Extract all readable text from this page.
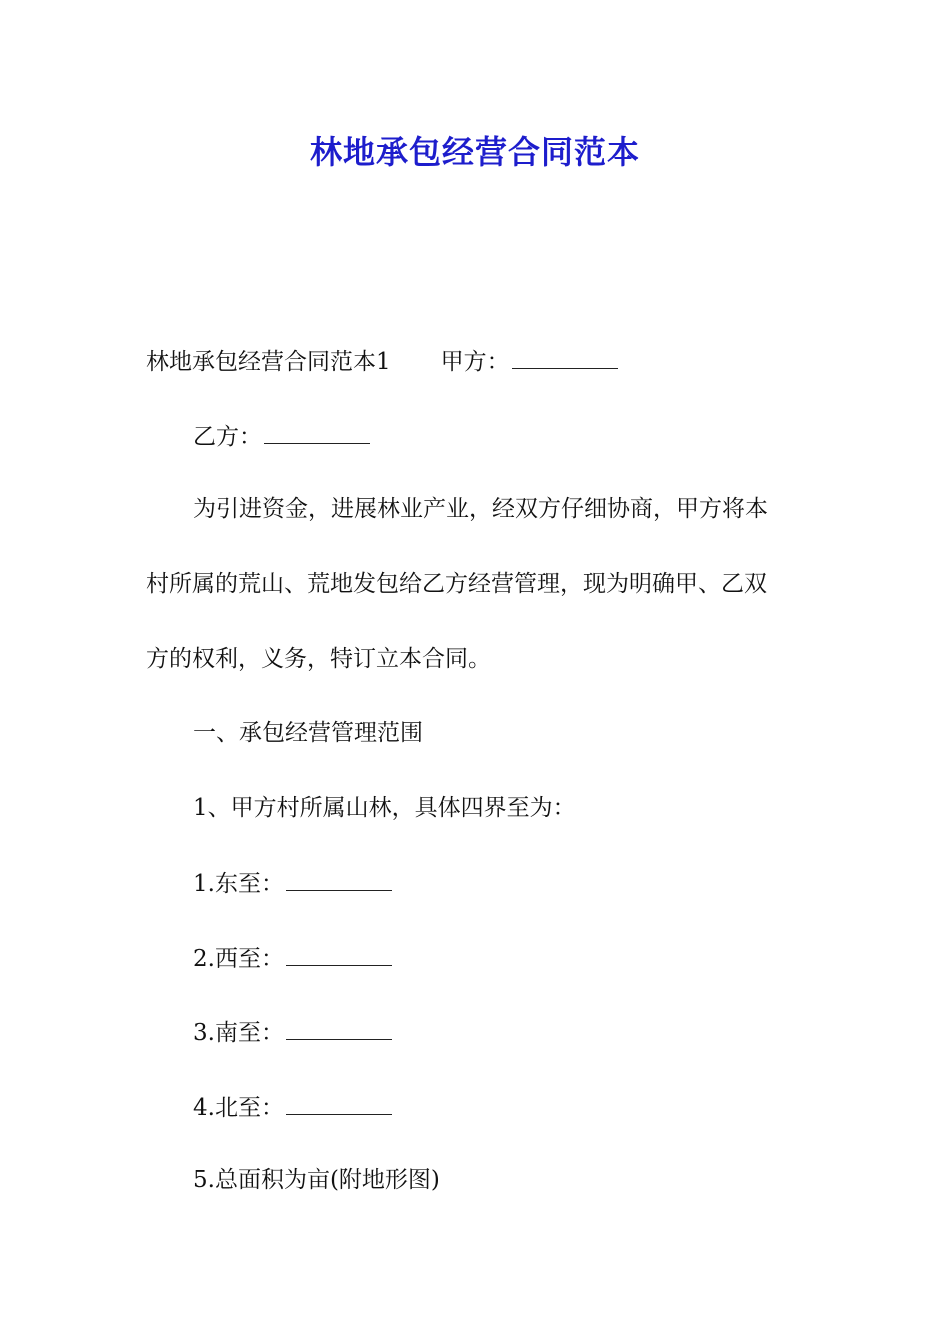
林地承包经营合同范本
林地承包经营合同范本1 甲方：
乙方：
为引进资金，进展林业产业，经双方仔细协商，甲方将本
村所属的荒山、荒地发包给乙方经营管理，现为明确甲、乙双
方的权利，义务，特订立本合同。
一、承包经营管理范围
1、甲方村所属山林，具体四界至为：
1.东至：
2.西至：
3.南至：
4.北至：
5.总面积为亩(附地形图)
